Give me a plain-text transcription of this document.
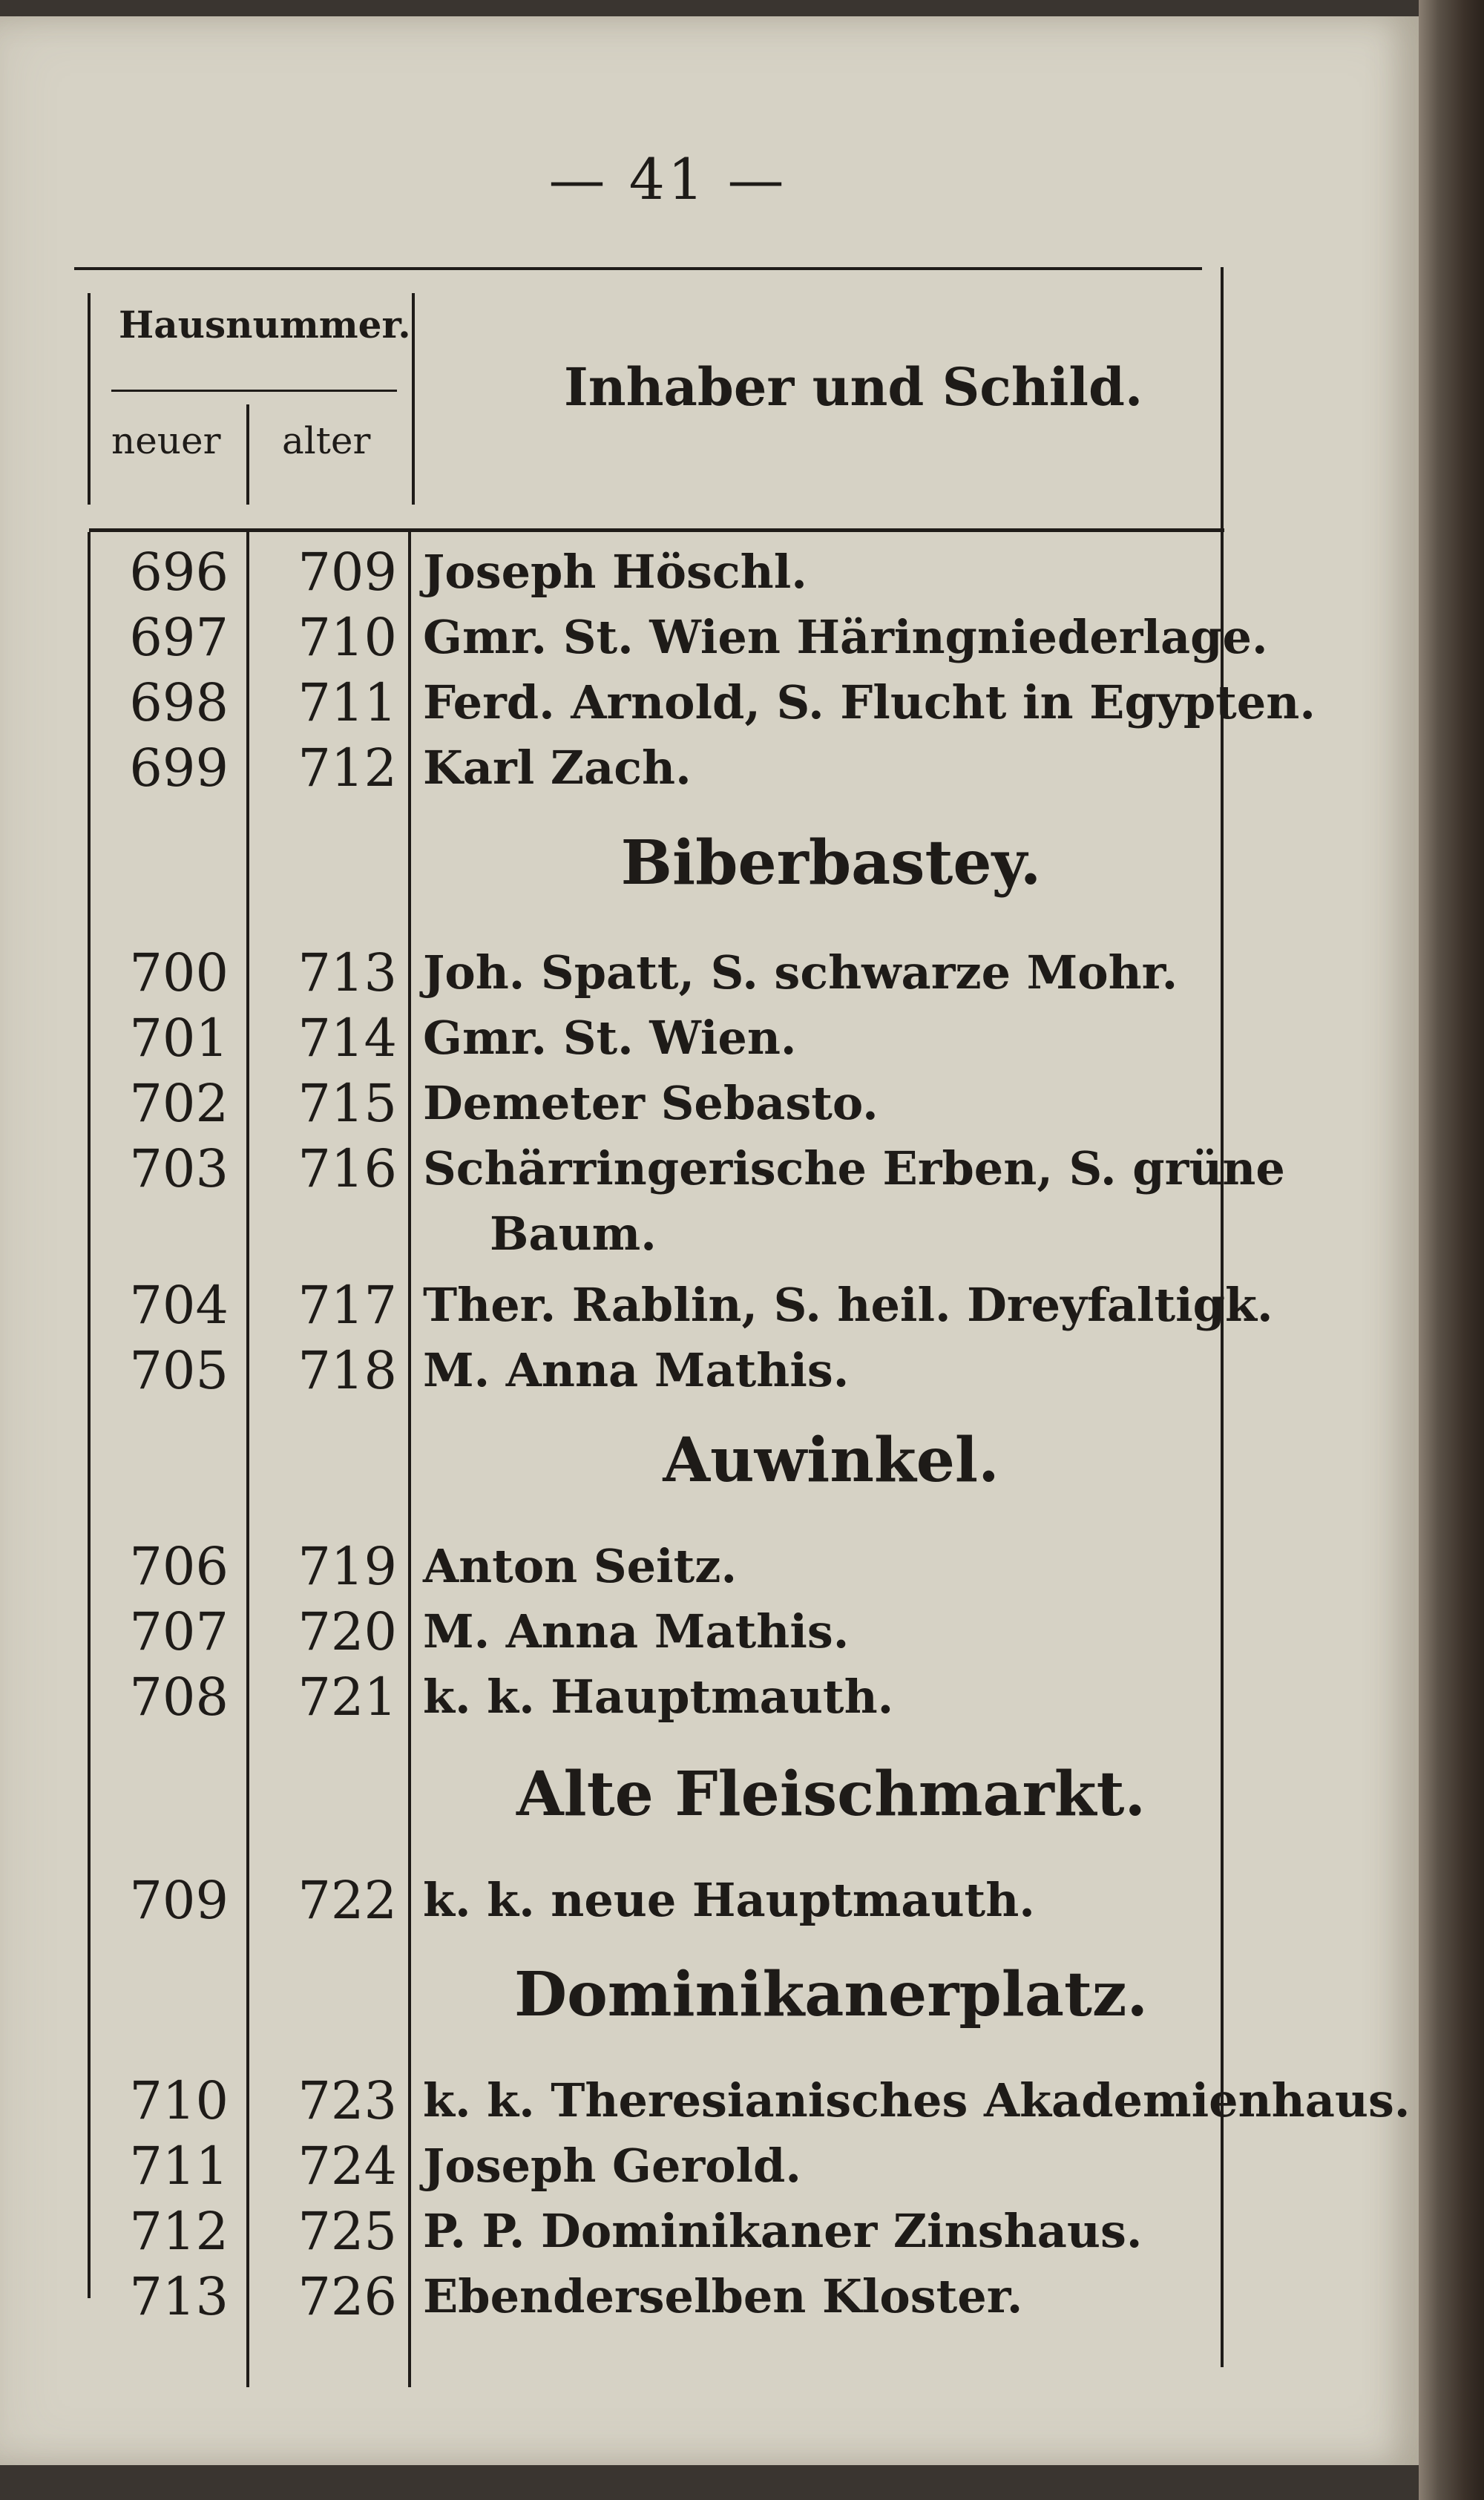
— 41 —
Hausnummer.
neuer alter
Inhaber und Schild.
696	709 Joseph Höschl.
697	710 Gmr. St. Wien Häringniederlage.
698	711 Ferd. Arnold, S. Flucht in Egypten.
699	712 Karl Zach.
Biberbastey.
700	713 Joh. Spatt, S. schwarze Mohr.
701	714 Gmr. St. Wien.
702	715 Demeter Sebasto.
703	716 Schärringerische Erben, S. grüne
Baum.
704	717 Ther. Rablin, S. heil. Dreyfaltigk.
705	718 M. Anna Mathis.
Auwinkel.
706	719 Anton Seitz.
707	720 M. Anna Mathis.
708	721 k. k. Hauptmauth.
Alte Fleischmarkt.
709	722 k. k. neue Hauptmauth.
Dominikanerplatz.
710	723 k. k. Theresianisches Akademienhaus.
711	724 Joseph Gerold.
712	725 P. P. Dominikaner Zinshaus.
713	726 Ebenderselben Kloster.
